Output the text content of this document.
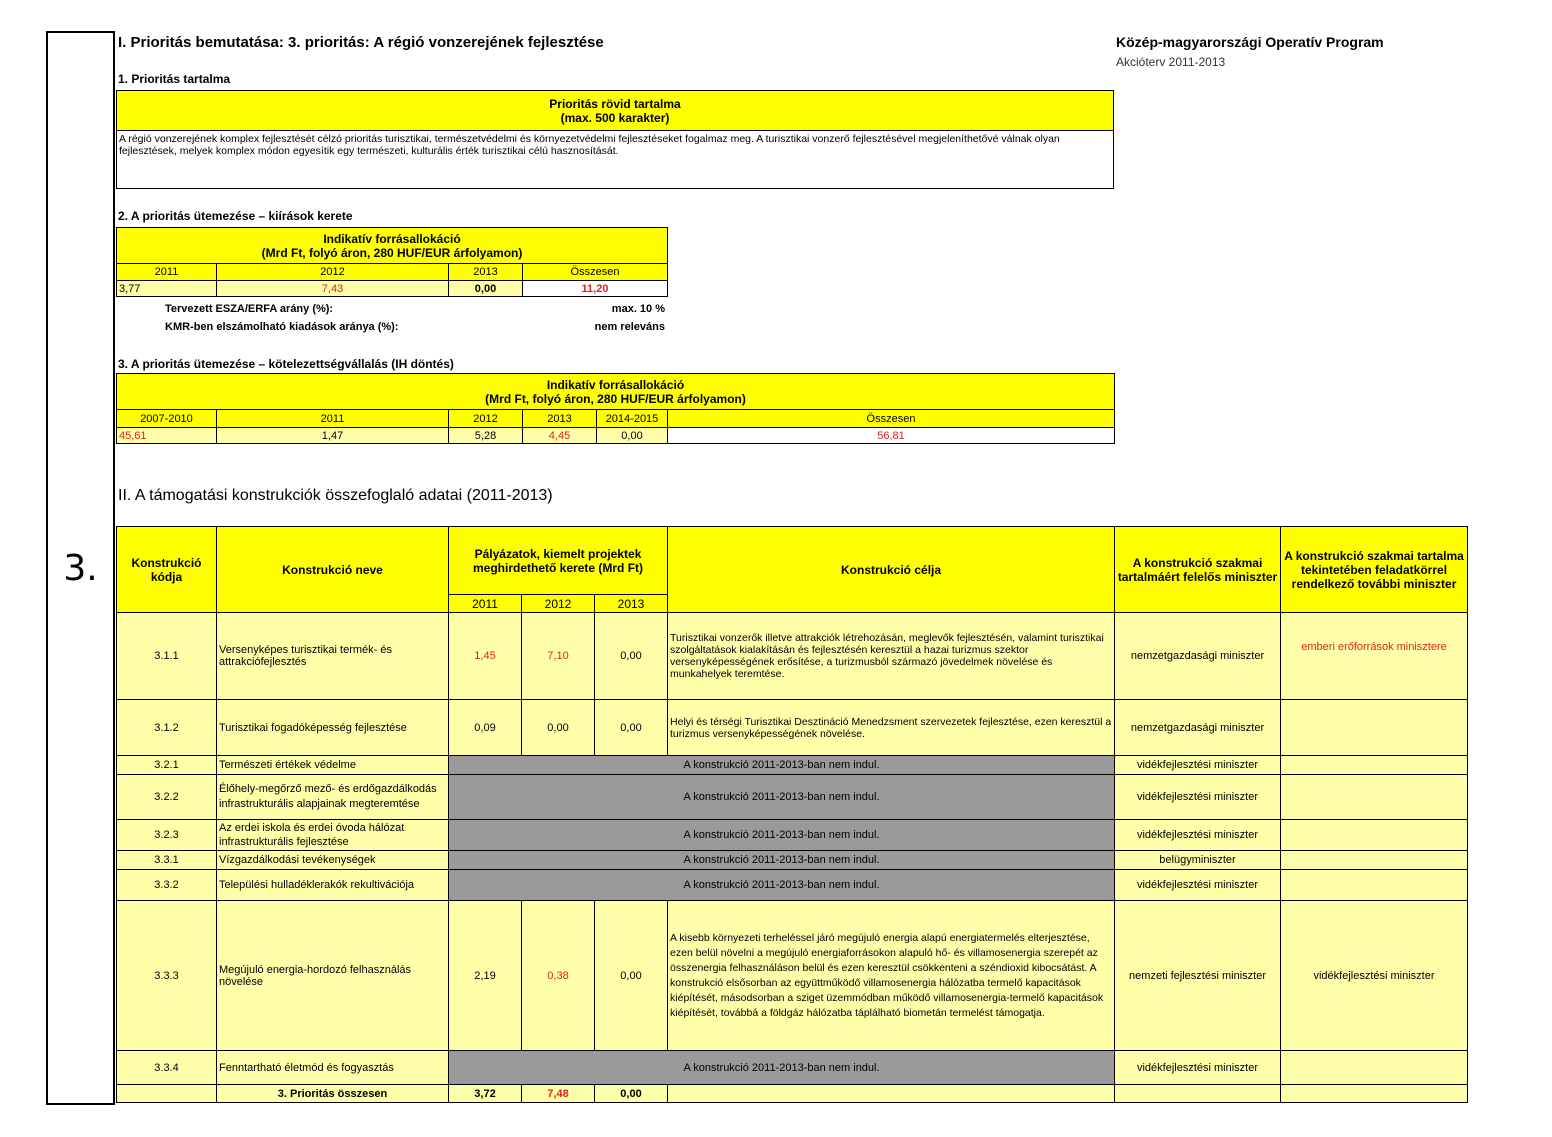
3.
I. Prioritás bemutatása: 3. prioritás: A régió vonzerejének fejlesztése	Közép-magyarországi Operatív Program
Akcióterv 2011-2013
1. Prioritás tartalma
Prioritás rövid tartalma
(max. 500 karakter)

A régió vonzerejének komplex fejlesztését célzó prioritás turisztikai, természetvédelmi és környezetvédelmi fejlesztéseket fogalmaz meg. A turisztikai vonzerő fejlesztésével megjeleníthetővé válnak olyan fejlesztések, melyek komplex módon egyesítik egy természeti, kulturális érték turisztikai célú hasznosítását.
2. A prioritás ütemezése – kiírások kerete
Indikatív forrásallokáció
(Mrd Ft, folyó áron, 280 HUF/EUR árfolyamon)			

2011	2012	2013	Összesen
3,77	7,43	0,00	11,20
Tervezett ESZA/ERFA arány (%):	max. 10 %
KMR-ben elszámolható kiadások aránya (%):	nem releváns
3. A prioritás ütemezése – kötelezettségvállalás (IH döntés)
Indikatív forrásallokáció
(Mrd Ft, folyó áron, 280 HUF/EUR árfolyamon)					

2007-2010	2011	2012	2013	2014-2015	Összesen
45,61	1,47	5,28	4,45	0,00	56,81
II. A támogatási konstrukciók összefoglaló adatai (2011-2013)
Konstrukció kódja	Konstrukció neve	Pályázatok, kiemelt projektek meghirdethető kerete (Mrd Ft)			Konstrukció célja	A konstrukció szakmai tartalmáért felelős miniszter	A konstrukció szakmai tartalma tekintetében feladatkörrel rendelkező további miniszter
		2011	2012	2013			
3.1.1	Versenyképes turisztikai termék- és attrakciófejlesztés	1,45	7,10	0,00	Turisztikai vonzerők illetve attrakciók létrehozásán, meglevők fejlesztésén, valamint turisztikai szolgáltatások kialakításán és fejlesztésén keresztül a hazai turizmus szektor versenyképességének erősítése, a turizmusból származó jövedelmek növelése és munkahelyek teremtése.	nemzetgazdasági miniszter	emberi erőforrások minisztere
3.1.2	Turisztikai fogadóképesség fejlesztése	0,09	0,00	0,00	Helyi és térségi Turisztikai Desztináció Menedzsment szervezetek fejlesztése, ezen keresztül a turizmus versenyképességének növelése.	nemzetgazdasági miniszter	
3.2.1	Természeti értékek védelme	A konstrukció 2011-2013-ban nem indul.				vidékfejlesztési miniszter	
3.2.2	Élőhely-megőrző mező- és erdőgazdálkodás infrastrukturális alapjainak megteremtése	A konstrukció 2011-2013-ban nem indul.				vidékfejlesztési miniszter	
3.2.3	Az erdei iskola és erdei óvoda hálózat infrastrukturális fejlesztése	A konstrukció 2011-2013-ban nem indul.				vidékfejlesztési miniszter	
3.3.1	Vízgazdálkodási tevékenységek	A konstrukció 2011-2013-ban nem indul.				belügyminiszter	
3.3.2	Települési hulladéklerakók rekultivációja	A konstrukció 2011-2013-ban nem indul.				vidékfejlesztési miniszter	
3.3.3	Megújuló energia-hordozó felhasználás növelése	2,19	0,38	0,00	A kisebb környezeti terheléssel járó megújuló energia alapú energiatermelés elterjesztése, ezen belül növelni a megújuló energiaforrásokon alapuló hő- és villamosenergia szerepét az összenergia felhasználáson belül és ezen keresztül csökkenteni a széndioxid kibocsátást. A konstrukció elsősorban az együttműködő villamosenergia hálózatba termelő kapacitások kiépítését, másodsorban a sziget üzemmódban működő villamosenergia-termelő kapacitások kiépítését, továbbá a földgáz hálózatba táplálható biometán termelést támogatja.	nemzeti fejlesztési miniszter	vidékfejlesztési miniszter
3.3.4	Fenntartható életmód és fogyasztás	A konstrukció 2011-2013-ban nem indul.				vidékfejlesztési miniszter	
	3. Prioritás összesen	3,72	7,48	0,00			
